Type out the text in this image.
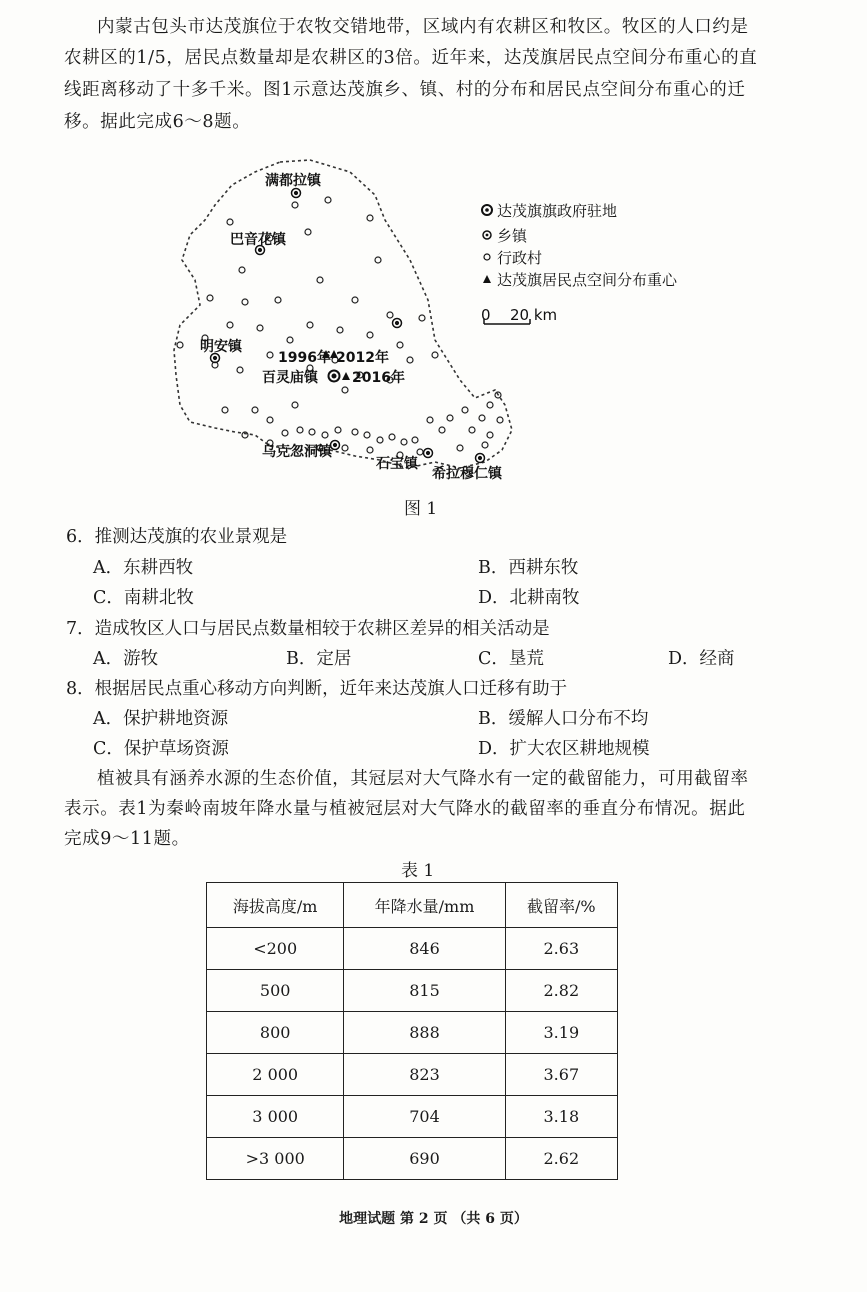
内蒙古包头市达茂旗位于农牧交错地带，区域内有农耕区和牧区。牧区的人口约是
农耕区的1/5，居民点数量却是农耕区的3倍。近年来，达茂旗居民点空间分布重心的直
线距离移动了十多千米。图1示意达茂旗乡、镇、村的分布和居民点空间分布重心的迁
移。据此完成6～8题。
满都拉镇
巴音花镇
明安镇
1996年 2012年
百灵庙镇 2016年
乌克忽洞镇
石宝镇
希拉穆仁镇
达茂旗旗政府驻地
乡镇
行政村
达茂旗居民点空间分布重心
0 20 km
图 1
6．推测达茂旗的农业景观是
A．东耕西牧	B．西耕东牧
C．南耕北牧	D．北耕南牧
7．造成牧区人口与居民点数量相较于农耕区差异的相关活动是
A．游牧	B．定居	C．垦荒	D．经商
8．根据居民点重心移动方向判断，近年来达茂旗人口迁移有助于
A．保护耕地资源	B．缓解人口分布不均
C．保护草场资源	D．扩大农区耕地规模
植被具有涵养水源的生态价值，其冠层对大气降水有一定的截留能力，可用截留率
表示。表1为秦岭南坡年降水量与植被冠层对大气降水的截留率的垂直分布情况。据此
完成9～11题。
表 1
海拔高度/m	年降水量/mm	截留率/%
<200	846	2.63
500	815	2.82
800	888	3.19
2 000	823	3.67
3 000	704	3.18
>3 000	690	2.62
地理试题 第 2 页 （共 6 页）
